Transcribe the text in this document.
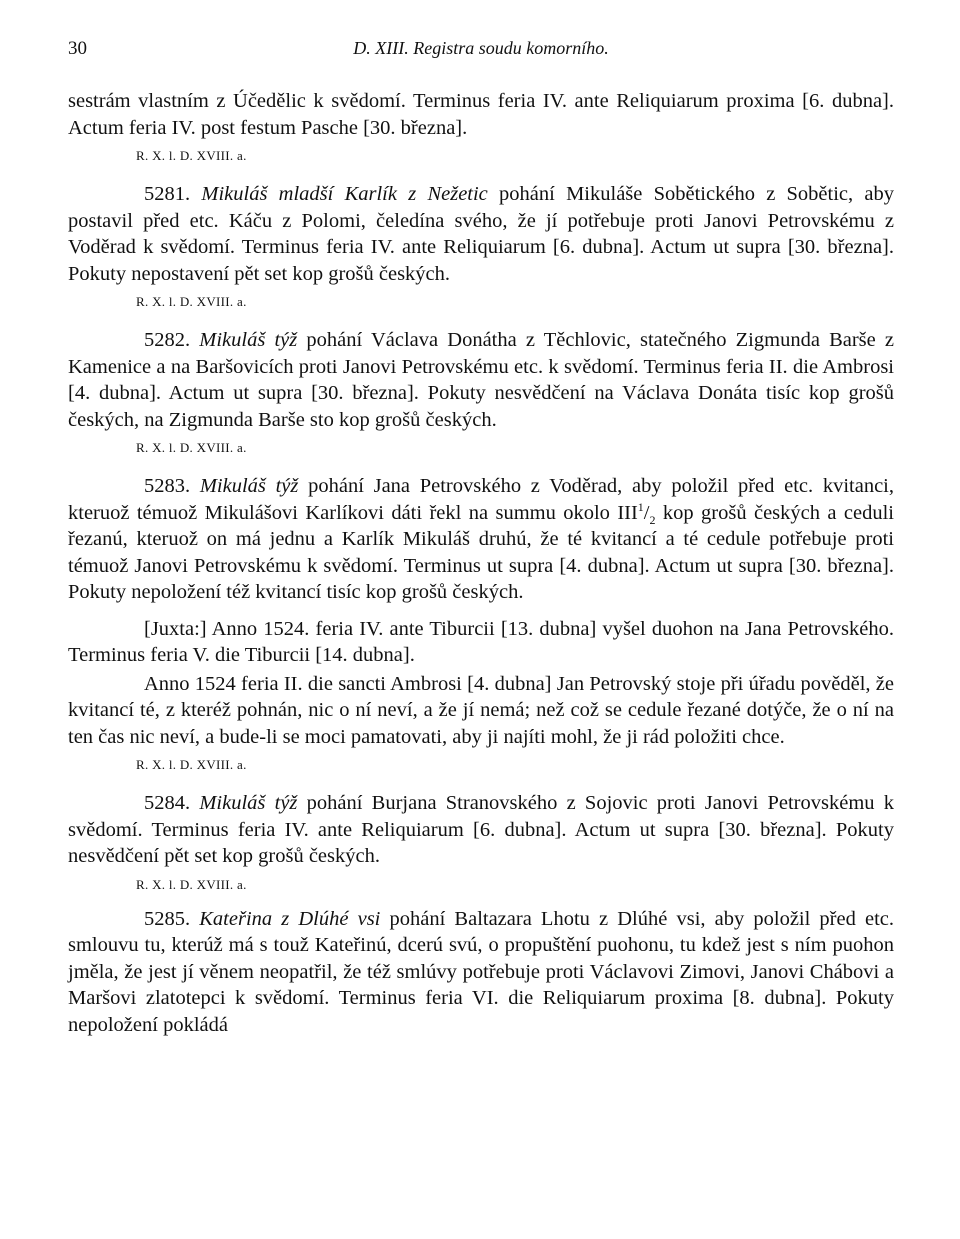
30	D. XIII. Registra soudu komorního.

sestrám vlastním z Účedělic k svědomí. Terminus feria IV. ante Reliquiarum proxima [6. dubna]. Actum feria IV. post festum Pasche [30. března].

R. X. l. D. XVIII. a.

5281. Mikuláš mladší Karlík z Nežetic pohání Mikuláše Sobětického z Sobětic, aby postavil před etc. Káču z Polomi, čeledína svého, že jí potřebuje proti Janovi Petrovskému z Voděrad k svědomí. Terminus feria IV. ante Reliquiarum [6. dubna]. Actum ut supra [30. března]. Pokuty nepostavení pět set kop grošů českých.

R. X. l. D. XVIII. a.

5282. Mikuláš týž pohání Václava Donátha z Těchlovic, statečného Zigmunda Barše z Kamenice a na Baršovicích proti Janovi Petrovskému etc. k svědomí. Terminus feria II. die Ambrosi [4. dubna]. Actum ut supra [30. března]. Pokuty nesvědčení na Václava Donáta tisíc kop grošů českých, na Zigmunda Barše sto kop grošů českých.

R. X. l. D. XVIII. a.

5283. Mikuláš týž pohání Jana Petrovského z Voděrad, aby položil před etc. kvitanci, kteruož témuož Mikulášovi Karlíkovi dáti řekl na summu okolo $III^1/_2$ kop grošů českých a ceduli řezanú, kteruož on má jednu a Karlík Mikuláš druhú, že té kvitancí a té cedule potřebuje proti témuož Janovi Petrovskému k svědomí. Terminus ut supra [4. dubna]. Actum ut supra [30. března]. Pokuty nepoložení též kvitancí tisíc kop grošů českých.

[Juxta:] Anno 1524. feria IV. ante Tiburcii [13. dubna] vyšel duohon na Jana Petrovského. Terminus feria V. die Tiburcii [14. dubna].

Anno 1524 feria II. die sancti Ambrosi [4. dubna] Jan Petrovský stoje při úřadu pověděl, že kvitancí té, z kteréž pohnán, nic o ní neví, a že jí nemá; než což se cedule řezané dotýče, že o ní na ten čas nic neví, a bude-li se moci pamatovati, aby ji najíti mohl, že ji rád položiti chce.

R. X. l. D. XVIII. a.

5284. Mikuláš týž pohání Burjana Stranovského z Sojovic proti Janovi Petrovskému k svědomí. Terminus feria IV. ante Reliquiarum [6. dubna]. Actum ut supra [30. března]. Pokuty nesvědčení pět set kop grošů českých.

R. X. l. D. XVIII. a.

5285. Kateřina z Dlúhé vsi pohání Baltazara Lhotu z Dlúhé vsi, aby položil před etc. smlouvu tu, kterúž má s touž Kateřinú, dcerú svú, o propuštění puohonu, tu kdež jest s ním puohon jměla, že jest jí věnem neopatřil, že též smlúvy potřebuje proti Václavovi Zimovi, Janovi Chábovi a Maršovi zlatotepci k svědomí. Terminus feria VI. die Reliquiarum proxima [8. dubna]. Pokuty nepoložení pokládá
